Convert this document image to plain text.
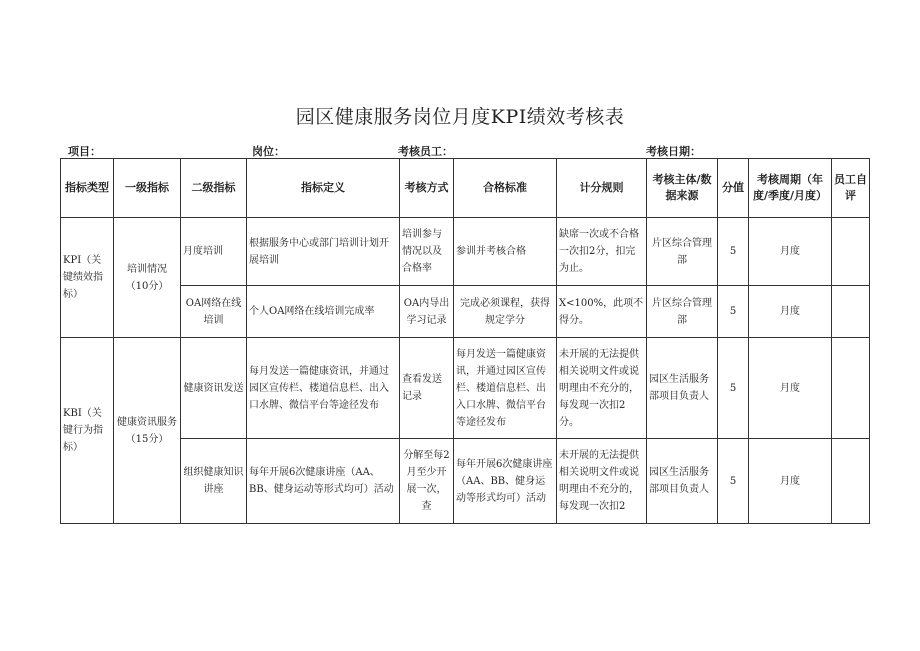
园区健康服务岗位月度KPI绩效考核表
项目：	岗位：	考核员工：	考核日期：
指标类型	一级指标	二级指标	指标定义	考核方式	合格标准	计分规则	考核主体/数据来源	分值	考核周期（年度/季度/月度）	员工自评
KPI（关键绩效指标）	培训情况（10分）	月度培训	根据服务中心或部门培训计划开展培训	培训参与情况以及合格率	参训并考核合格	缺席一次或不合格一次扣2分，扣完为止。	片区综合管理部	5	月度	
		OA网络在线培训	个人OA网络在线培训完成率	OA内导出学习记录	完成必须课程，获得规定学分	X<100%，此项不得分。	片区综合管理部	5	月度	
KBI（关键行为指标）	健康资讯服务（15分）	健康资讯发送	每月发送一篇健康资讯，并通过园区宣传栏、楼道信息栏、出入口水牌、微信平台等途径发布	查看发送记录	每月发送一篇健康资讯，并通过园区宣传栏、楼道信息栏、出入口水牌、微信平台等途径发布	未开展的无法提供相关说明文件或说明理由不充分的，每发现一次扣2分。	园区生活服务部项目负责人	5	月度	
		组织健康知识讲座	每年开展6次健康讲座（AA、BB、健身运动等形式均可）活动	分解至每2月至少开展一次，查	每年开展6次健康讲座（AA、BB、健身运动等形式均可）活动	未开展的无法提供相关说明文件或说明理由不充分的，每发现一次扣2	园区生活服务部项目负责人	5	月度	
